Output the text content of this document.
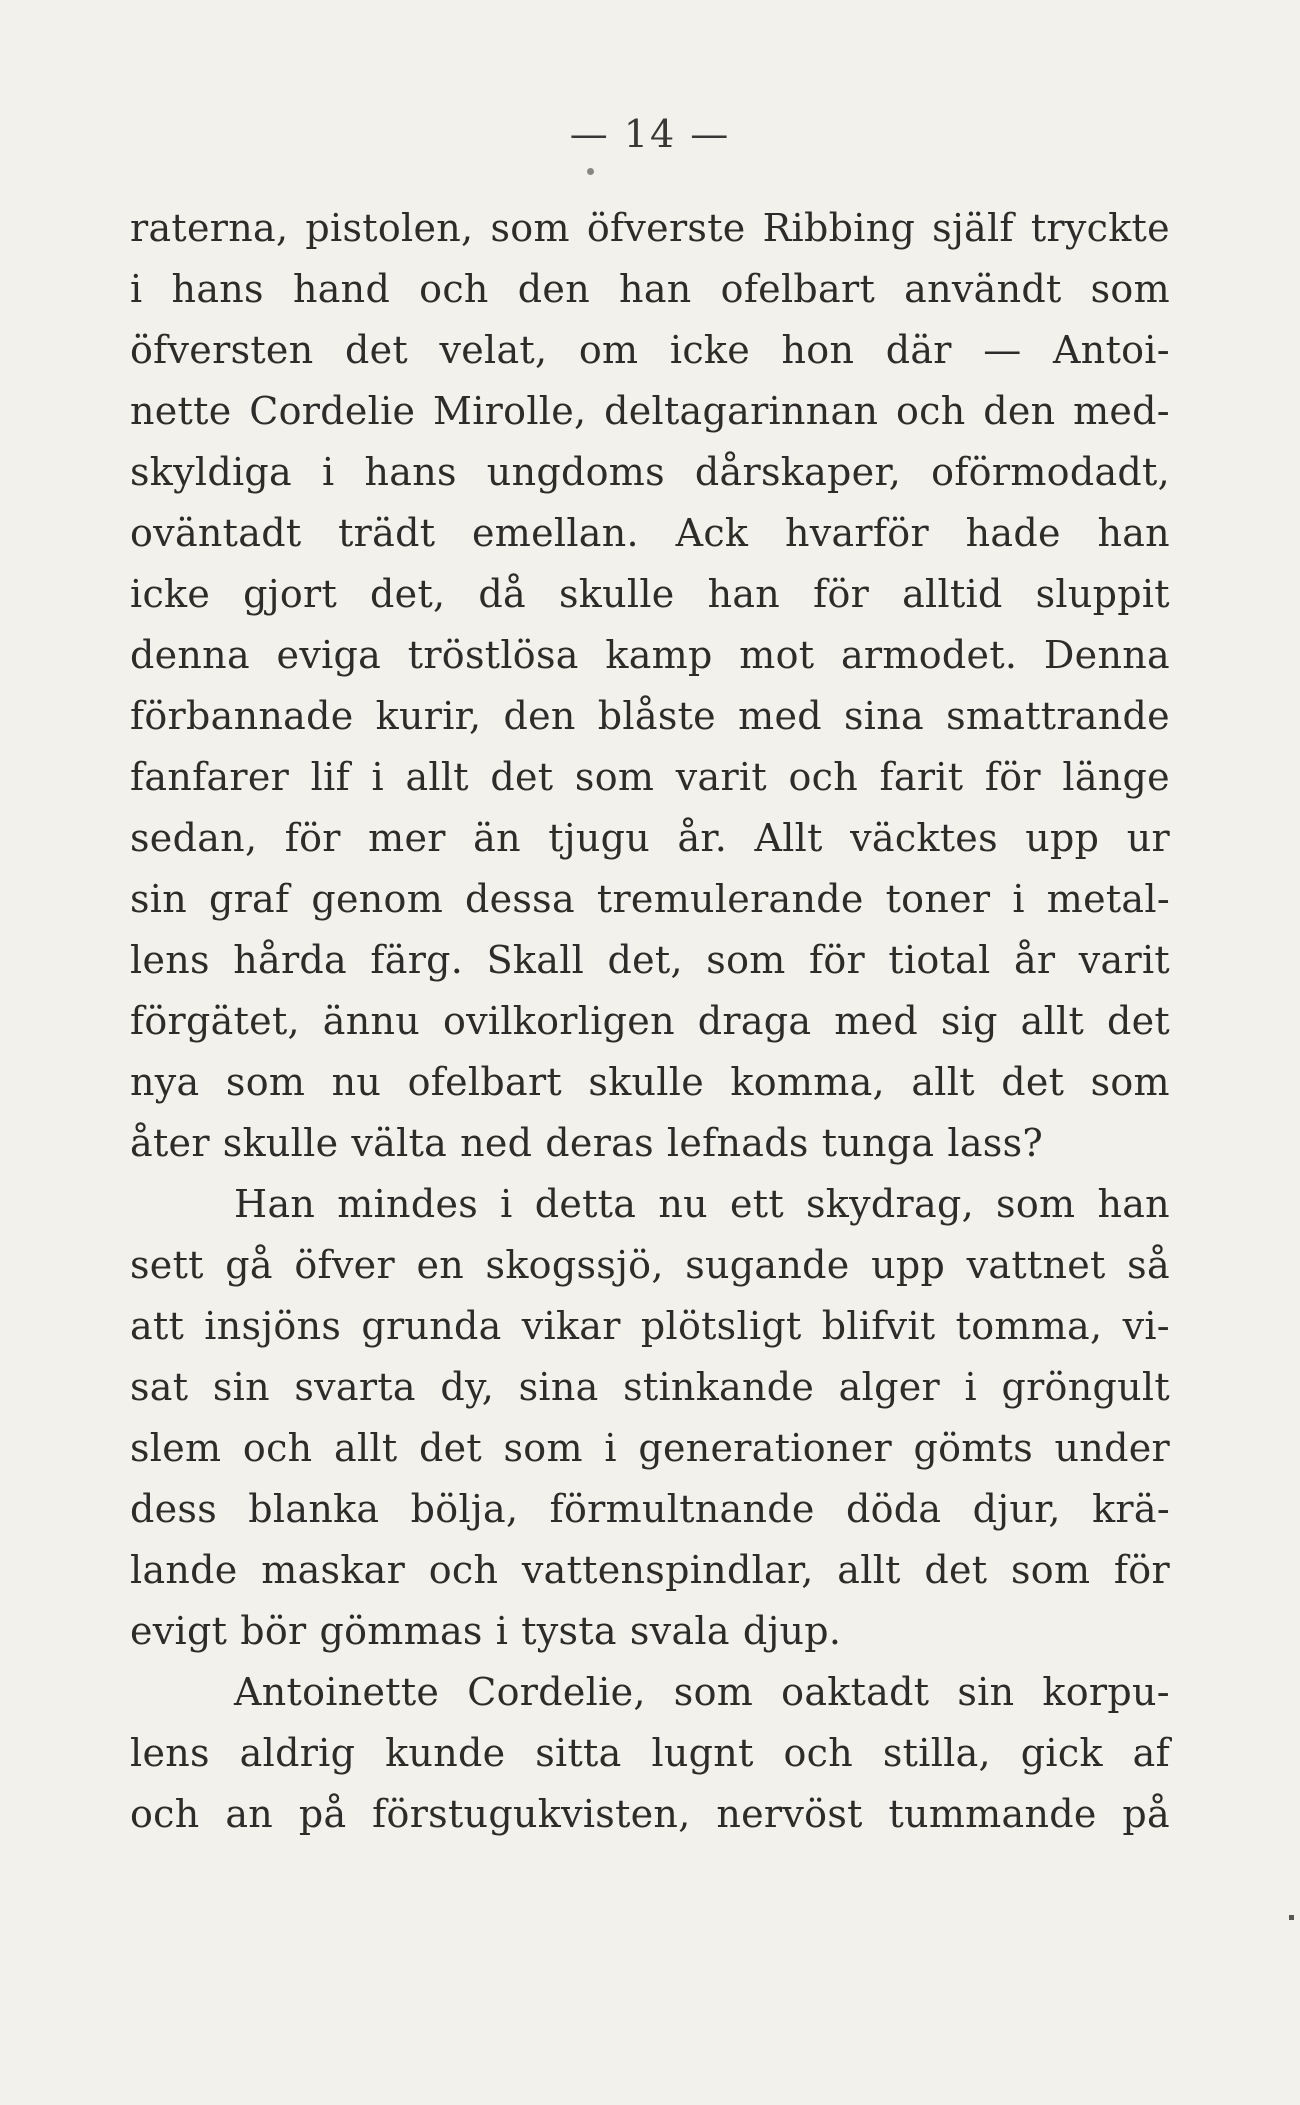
— 14 —
raterna, pistolen, som öfverste Ribbing själf tryckte
i hans hand och den han ofelbart användt som
öfversten det velat, om icke hon där — Antoi-
nette Cordelie Mirolle, deltagarinnan och den med-
skyldiga i hans ungdoms dårskaper, oförmodadt,
oväntadt trädt emellan. Ack hvarför hade han
icke gjort det, då skulle han för alltid sluppit
denna eviga tröstlösa kamp mot armodet. Denna
förbannade kurir, den blåste med sina smattrande
fanfarer lif i allt det som varit och farit för länge
sedan, för mer än tjugu år. Allt väcktes upp ur
sin graf genom dessa tremulerande toner i metal-
lens hårda färg. Skall det, som för tiotal år varit
förgätet, ännu ovilkorligen draga med sig allt det
nya som nu ofelbart skulle komma, allt det som
åter skulle välta ned deras lefnads tunga lass?
Han mindes i detta nu ett skydrag, som han
sett gå öfver en skogssjö, sugande upp vattnet så
att insjöns grunda vikar plötsligt blifvit tomma, vi-
sat sin svarta dy, sina stinkande alger i gröngult
slem och allt det som i generationer gömts under
dess blanka bölja, förmultnande döda djur, krä-
lande maskar och vattenspindlar, allt det som för
evigt bör gömmas i tysta svala djup.
Antoinette Cordelie, som oaktadt sin korpu-
lens aldrig kunde sitta lugnt och stilla, gick af
och an på förstugukvisten, nervöst tummande på
